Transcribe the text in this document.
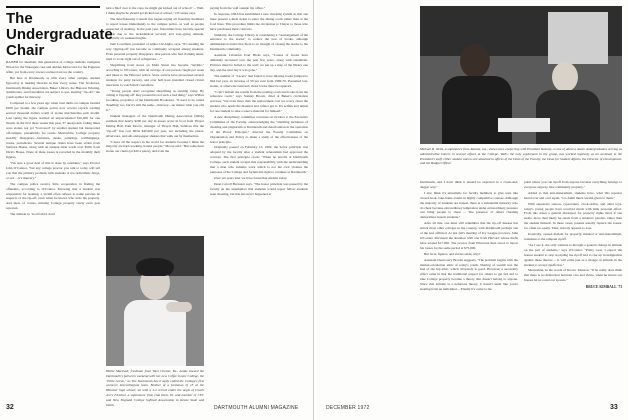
The
Undergraduate
Chair

RAISED for idealism, this generation of college students castigates Nixon for the Watergate case and derides McGovern for the Eagleton affair, yet from every towers scattered across the country.

But here at Dartmouth, as with every other campus, student hypocrisy is making theories in that every sense. The bookstore, Dartmouth Dining Association, Baker Library, the Hanover Printing, dormitories, and fraternities are subject to use, stealing "rip-off," the youth epithet for thievery.

Compared to a few years ago when total thefts on campus totalled $100 per month, the campus police now receive reports totaling several thousand dollars worth of stolen merchandise each month. Last spring the figure reached an unprecedented $10,000 for one month. In the first three weeks this year, 37 unexposed, fading bikes were stolen, not yet "borrowed" by another student but transported off-campus, presumably for resale. Meanwhile, College property steadily disappears—furniture, desks, paintings, wallhangings, books, periodicals. Several antique chairs have been stolen from Sanborn House, along with an antique table worth over $500, from Dick's House. None of these losses is recorded in the monthly theft figures.

"I'm sure a good deal of this is done by outsiders," says Proctor John O'Connor, "but any college proctor you talk to today will tell you that the primary problem with students is not radicalism, drugs, or sex ... it's thievery."

The campus police receive little cooperation in finding the offenders, according to O'Connor. Knowing that a student was responsible for stealing, a victim often refuses to name persons he suspects of the rip-off, even when he knows who stole his property. And then, of course, missing College property rarely even gets reported.

The attitude is, 'God forbid, don't

turn a thief over to the cops, he might get kicked out of school!' ... Well, I think maybe he should get kicked out of school," O'Connor says.

The Interfraternity Council has begun urging all fraternity members to report losses immediately to the campus police, as well as people suspected of stealing. In the past year, fraternities have become special targets due to the lackadaisical security and easy-going attitude, especially on weekend nights.

Sam Lovetman, president of Alpha Chi Alpha, says, "It's stealing the way 'ripping-off' has become so commonly accepted among students. Even personal property disappears. One person who had clothing taken, tried to work 'right out of refrigerator ...'"

Shoplifting from stores on Main Street has become "terrible," according to O'Connor, with an average of one person caught per week and taken to the Hanover police. Store owners have prosecuted several students for petty larceny, and over half have installed closed circuit television to watch their customers.

"Young people don't recognize shoplifting as stealing today. By calling it 'ripping-off' they pretend its not such a bad thing," says Wilbur Goodhue, proprietor of the Dartmouth Bookstore. "It used to be called 'handling' too, but it's still the same—thievery—no matter what you call it."

Student managers of the Dartmouth Dining Association (DDA) estimate that nearly $200 per day in losses occur in food from Thayer Dining Hall. Paul Moore, manager of Thayer Hall, believes that the "rip-off" has cost DDA $40,000 per year, not including the plates, silverware, and salt-and-pepper shakers that walk out by themselves.

"I have all the respect in the world for students because I think the majority are hard-working, honest people," Moore said. "But some have stolen our chairs (at $20 a piece), and even the

Hallie Marshall, freshman from West Chester, Pa., heads toward the Dartmouth's fall-term weekend with her new Coffee Junior College, the "Little Green," as The Dartmouth has it aptly called the College's first women's intercollegiate team. Brother of a freshman of 13 at the Hanover high school, set with a 2-2 record under the aegis of Coach Jerry Fletcher, a sophomore from Oak Park, Ill. and member of CYC and New England College Softball Association in Keene State and Smith.

paying from the wall outside my office."

In response, DDA has established a new checking system so that one must present a meal ticket to enter the dining room rather than at the food lines. This procedure limits the circulation to Thayer to those who have purchased meal contracts.

Similarly, the College Library is considering a "rearrangement of the entrance to the stacks" to reduce the loss of books, although administrators insist that there is no thought of closing the stacks to the Dartmouth community.

Assistant Librarian Ivan Hicks says, "Losses of books have definitely increased over the past few years, along with vandalism. Pictures must be bolted to the wall; we put up a map of the library one day, and the next day it was gone."

The number of "tracers" that failed to trace missing books jumped to 944 last year, an increase of 50 per cent from 1969-70. Presumed lost, stolen, or otherwise removed, those books must be replaced.

"I can't fathom the results from the reading room and books from the reference room," says Stanley Brown, chief of Baker's circulation services, "but even more than the replacement cost we worry about the student who needs the material and cannot get it. It's selfish and unjust for one student to take a source material for himself."

A new disciplinary committee convenes on October 2, the Executive Committee of the Faculty, acknowledging the "alarming incidence of cheating and plagiarism at Dartmouth and deterioration in the operation of the Honor Principle," directed the Faculty Committee on Organization and Policy to make a study of the effectiveness of the honor principle.

Originally passed on February 13, 1962, the honor principle was adopted by the faculty after a student referendum had approved the concept. The first principle reads: "When he enrolls at Dartmouth College, each student accepts this responsibility with the understanding that a man who submits work which is not his own violates the purposes of the College and forfeits his right to continue at Dartmouth."

Over ten years later we have found that student today.

Dean Carroll Brewster says, "The honor principle was passed by the faculty on the assumption that students would report fellow students seen cheating, but this has never happened at

32	DARTMOUTH ALUMNI MAGAZINE
Michael R. Wells, a sophomore from Atlanta, Ga., shown here conferring with President Kemeny, is one of about a dozen undergraduates serving as administrative interns in several offices at the College. Wells, the only sophomore in the group, has worked regularly as an assistant in the President's staff. Other student interns are attached to offices of the Dean of the Faculty, the Dean for Student Affairs, the Director of Development, and the Budget Officer.

Dartmouth, and I don't think it should be expected in a cloak-and-dagger way."

I also think it's unrealistic for faculty members to give tests like closed-book, take-home exams in highly competitive courses. Although the majority of students are honest, there is a substantial minority who do cheat because extraordinary temptation under extraordinary pressure can bring people to cheat ... The presence of others cheating demoralizes honest students."

After all this, one must still remember that the rip-off disease has struck most other colleges in the country, with Dartmouth perhaps one of the less afflicted. At last fall's meeting of Ivy League proctors, John O'Connor discussed the situation with one from Harvard whose thefts have totaled $17,000. The proctor from Princeton then stood to report his losses for the same period at $75,000.

But facts, figures, and stories aside, why?

Assistant Dean Gary Brooks suggests, "The problem begins with the market-orientation ethic of today's youth. Sharing of wealth was the fuel of the hip ethic, which obviously is good. However, a secondary effect came in that the traditional respect for others to get fed and to take College property became a theory that doesn't belong to anyone. Since this attitude is a nefarious theory, it doesn't seem like you're stealing from an individual ... Finally it's come to the

point where you can ripoff from anyone because everything belongs to everyone anyway, like community property."

Added to this anti-materialism, students have, what this reporter heard over and over again, "too damn much wealth given to them."

With expensive stereos, typewriters, clock-radios, and other toys, today's young people have received much with little personal effort. From this arises a general disrespect for property rights since if one steals, more than likely he steals from a student's parents, rather than the student himself. In these cases, parents usually replace the losses, too often too easily. Thus, nobody appears to lose.

Ironically, caused disdain for property, masked or anti-materialism, translates to the rampant ripoff.

"As I see it, the only solution is through a general change in attitude on the part of students," says O'Connor. "Pretty soon, I expect the honest student to stop accepting the ripoff and to rise up in indignation against these thieves ... It will come just as a change of attitude in the student to accept ripoffs has."

Meanwhile, in the words of Doctor Johnson, "If he really does think that there is no distinction between vice and virtue, when he leaves our houses let us count our spoons."

BRUCE KIMBALL '73
DECEMBER 1972	33
